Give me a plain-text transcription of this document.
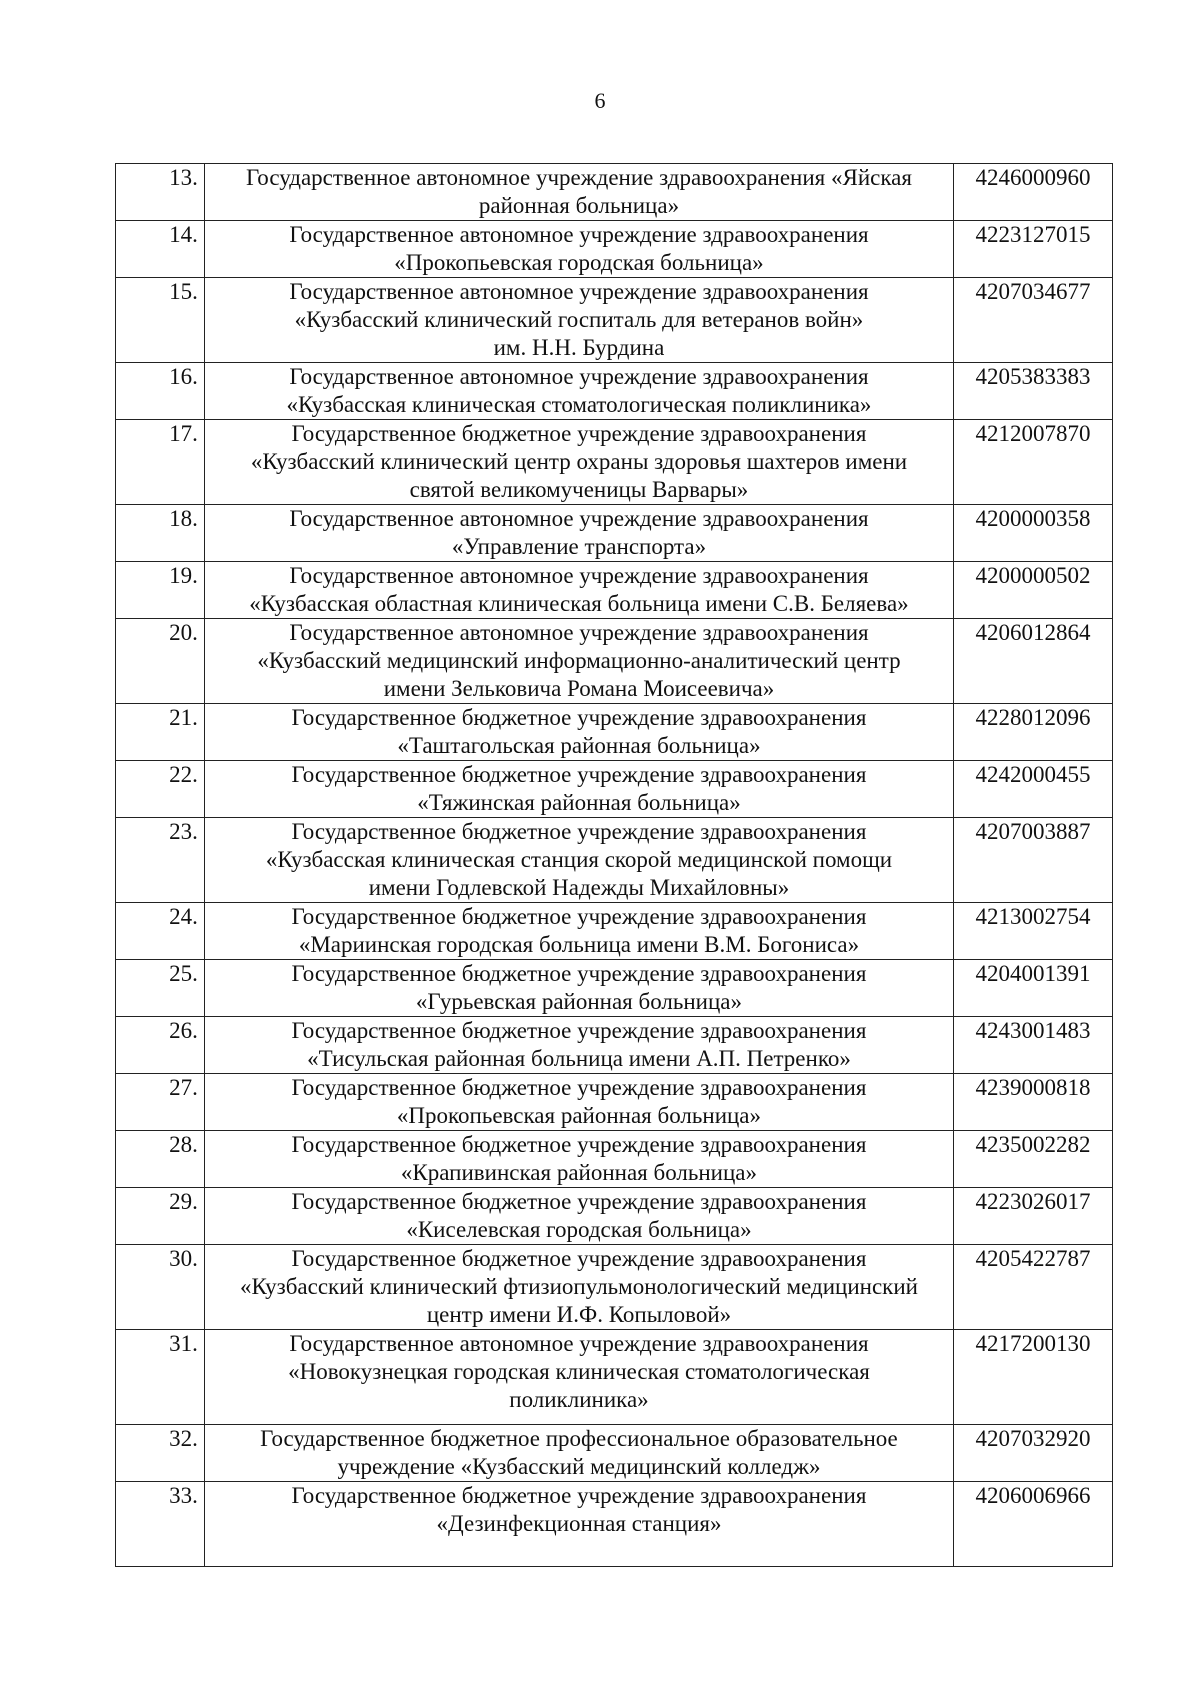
6
13.	Государственное автономное учреждение здравоохранения «Яйская
районная больница»	4246000960
14.	Государственное автономное учреждение здравоохранения
«Прокопьевская городская больница»	4223127015
15.	Государственное автономное учреждение здравоохранения
«Кузбасский клинический госпиталь для ветеранов войн»
им. Н.Н. Бурдина	4207034677
16.	Государственное автономное учреждение здравоохранения
«Кузбасская клиническая стоматологическая поликлиника»	4205383383
17.	Государственное бюджетное учреждение здравоохранения
«Кузбасский клинический центр охраны здоровья шахтеров имени
святой великомученицы Варвары»	4212007870
18.	Государственное автономное учреждение здравоохранения
«Управление транспорта»	4200000358
19.	Государственное автономное учреждение здравоохранения
«Кузбасская областная клиническая больница имени С.В. Беляева»	4200000502
20.	Государственное автономное учреждение здравоохранения
«Кузбасский медицинский информационно-аналитический центр
имени Зельковича Романа Моисеевича»	4206012864
21.	Государственное бюджетное учреждение здравоохранения
«Таштагольская районная больница»	4228012096
22.	Государственное бюджетное учреждение здравоохранения
«Тяжинская районная больница»	4242000455
23.	Государственное бюджетное учреждение здравоохранения
«Кузбасская клиническая станция скорой медицинской помощи
имени Годлевской Надежды Михайловны»	4207003887
24.	Государственное бюджетное учреждение здравоохранения
«Мариинская городская больница имени В.М. Богониса»	4213002754
25.	Государственное бюджетное учреждение здравоохранения
«Гурьевская районная больница»	4204001391
26.	Государственное бюджетное учреждение здравоохранения
«Тисульская районная больница имени А.П. Петренко»	4243001483
27.	Государственное бюджетное учреждение здравоохранения
«Прокопьевская районная больница»	4239000818
28.	Государственное бюджетное учреждение здравоохранения
«Крапивинская районная больница»	4235002282
29.	Государственное бюджетное учреждение здравоохранения
«Киселевская городская больница»	4223026017
30.	Государственное бюджетное учреждение здравоохранения
«Кузбасский клинический фтизиопульмонологический медицинский
центр имени И.Ф. Копыловой»	4205422787
31.	Государственное автономное учреждение здравоохранения
«Новокузнецкая городская клиническая стоматологическая
поликлиника»	4217200130
32.	Государственное бюджетное профессиональное образовательное
учреждение «Кузбасский медицинский колледж»	4207032920
33.	Государственное бюджетное учреждение здравоохранения
«Дезинфекционная станция»	4206006966
